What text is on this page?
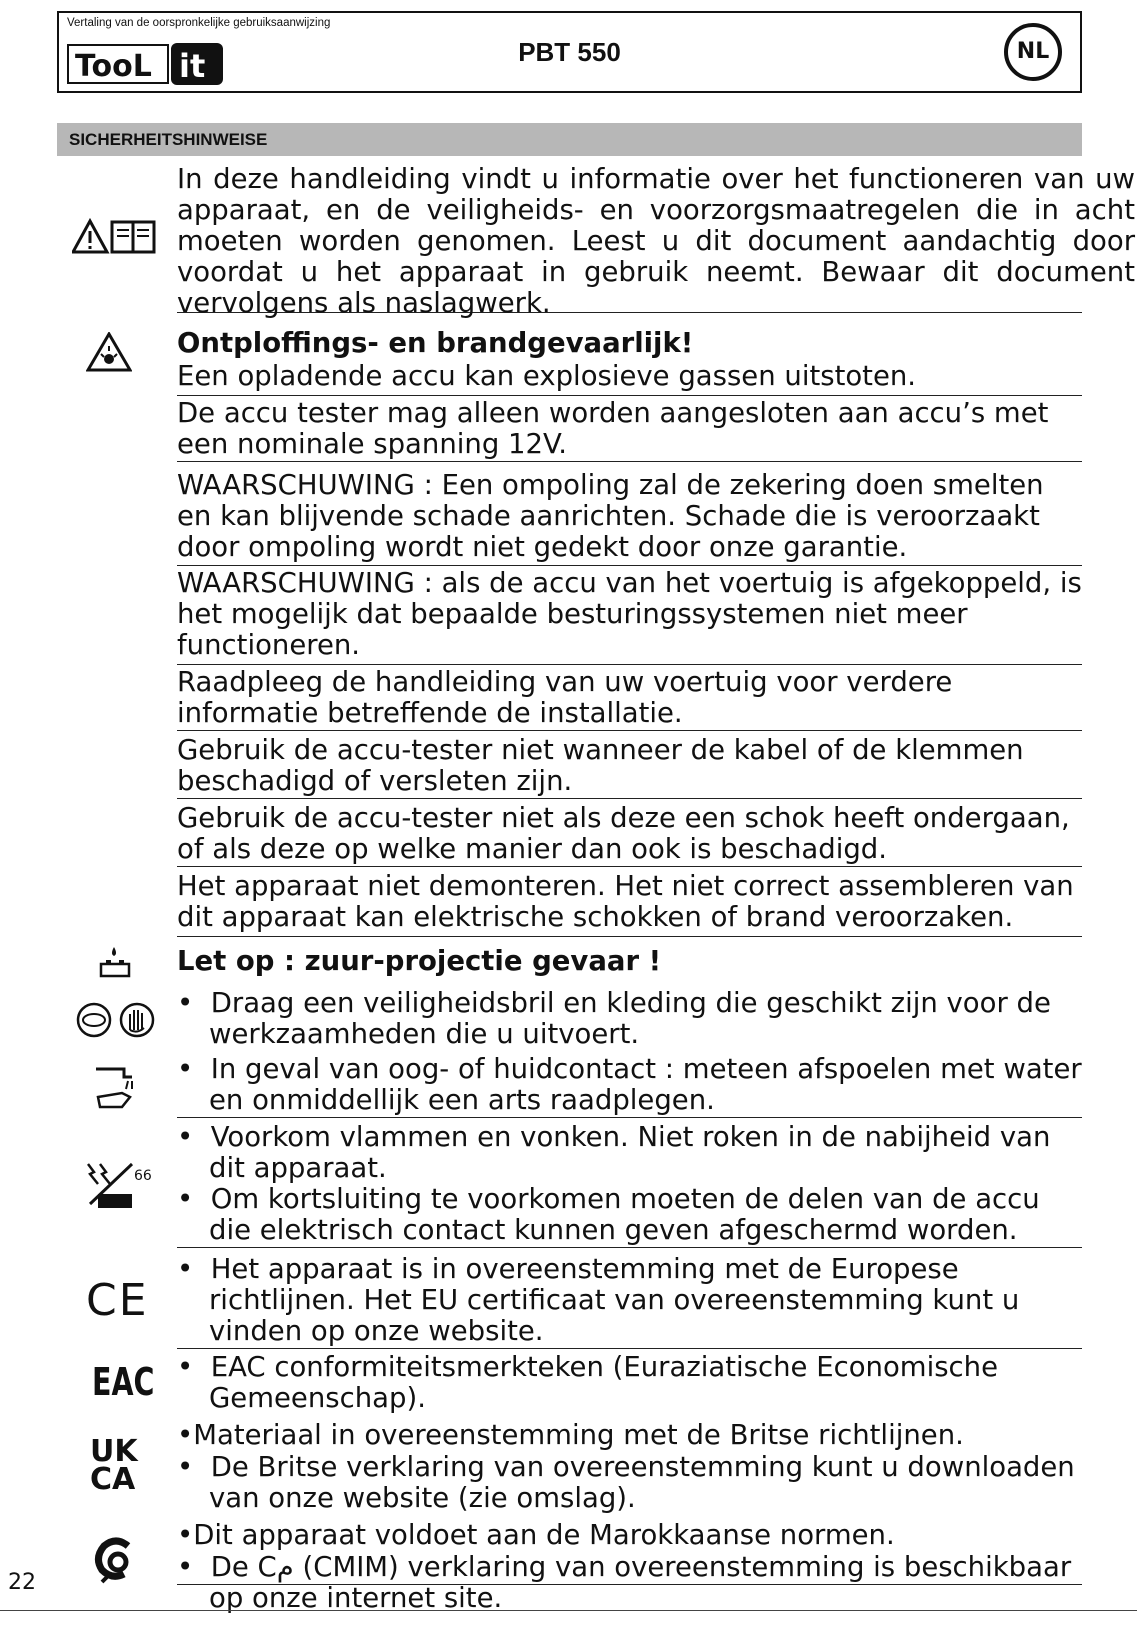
Vertaling van de oorspronkelijke gebruiksaanwijzing
TooL it	PBT 550	NL
SICHERHEITSHINWEISE

In deze handleiding vindt u informatie over het functioneren van uw apparaat, en de veiligheids- en voorzorgsmaatregelen die in acht moeten worden genomen. Leest u dit document aandachtig door voordat u het apparaat in gebruik neemt. Bewaar dit document vervolgens als naslagwerk.

Ontploffings- en brandgevaarlijk!

Een opladende accu kan explosieve gassen uitstoten.

De accu tester mag alleen worden aangesloten aan accu’s met een nominale spanning 12V.

WAARSCHUWING : Een ompoling zal de zekering doen smelten en kan blijvende schade aanrichten. Schade die is veroorzaakt door ompoling wordt niet gedekt door onze garantie.

WAARSCHUWING : als de accu van het voertuig is afgekoppeld, is het mogelijk dat bepaalde besturingssystemen niet meer functioneren.

Raadpleeg de handleiding van uw voertuig voor verdere informatie betreffende de installatie.

Gebruik de accu-tester niet wanneer de kabel of de klemmen beschadigd of versleten zijn.

Gebruik de accu-tester niet als deze een schok heeft ondergaan, of als deze op welke manier dan ook is beschadigd.

Het apparaat niet demonteren. Het niet correct assembleren van dit apparaat kan elektrische schokken of brand veroorzaken.

Let op : zuur-projectie gevaar !

•  Draag een veiligheidsbril en kleding die geschikt zijn voor de werkzaamheden die u uitvoert.

•  In geval van oog- of huidcontact : meteen afspoelen met water en onmiddellijk een arts raadplegen.

66

•  Voorkom vlammen en vonken. Niet roken in de nabijheid van dit apparaat.

•  Om kortsluiting te voorkomen moeten de delen van de accu die elektrisch contact kunnen geven afgeschermd worden.

CE

•  Het apparaat is in overeenstemming met de Europese richtlijnen. Het EU certificaat van overeenstemming kunt u vinden op onze website.

EAC •  EAC conformiteitsmerkteken (Euraziatische Economische Gemeenschap).

UK
CA

•Materiaal in overeenstemming met de Britse richtlijnen.

•  De Britse verklaring van overeenstemming kunt u downloaden van onze website (zie omslag).

•Dit apparaat voldoet aan de Marokkaanse normen.

•  De Cم (CMIM) verklaring van overeenstemming is beschikbaar op onze internet site.

22
